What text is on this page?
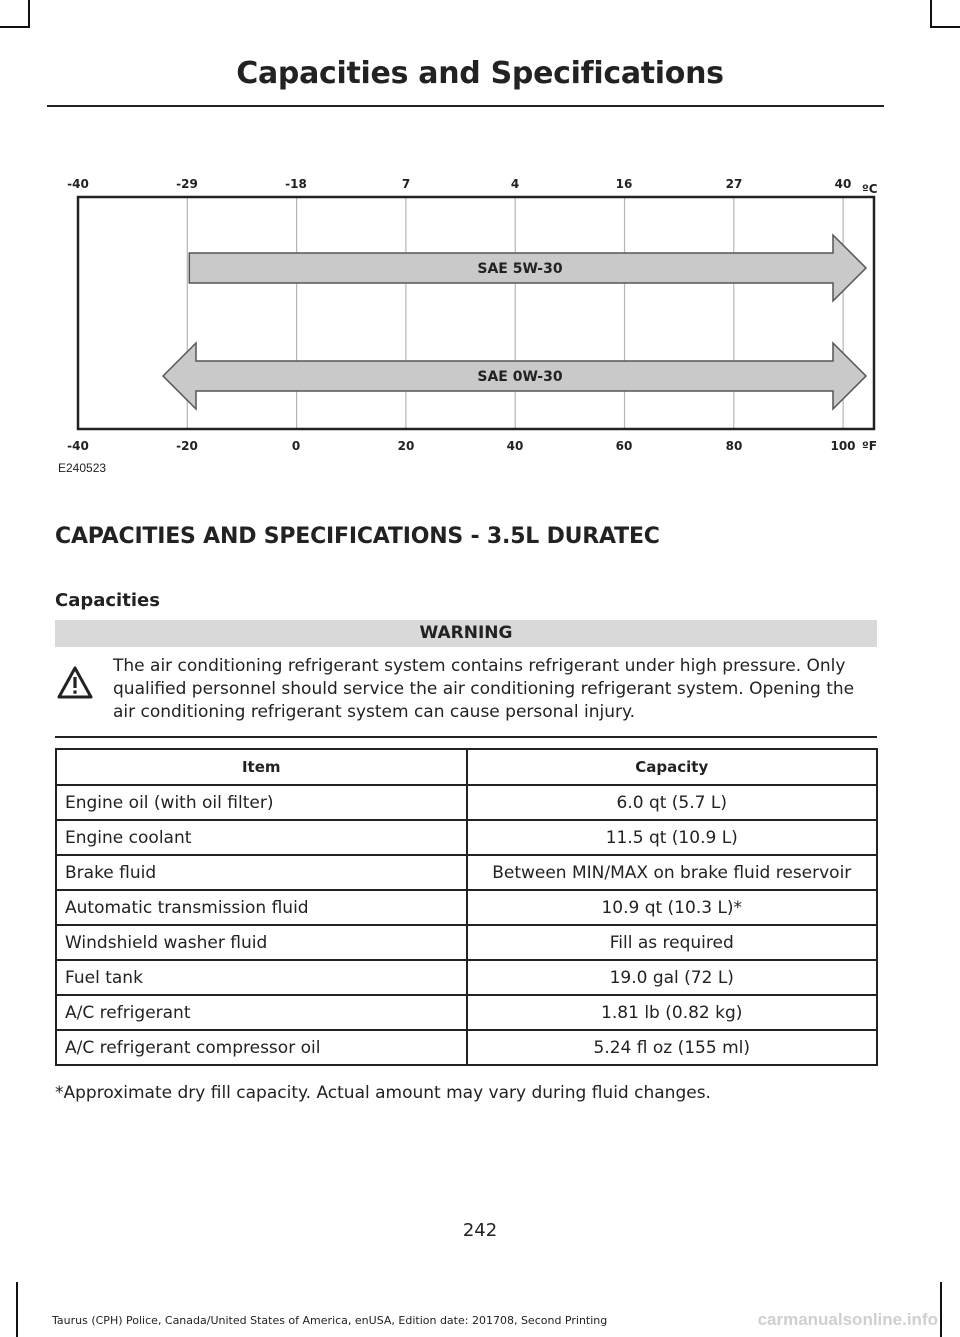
Capacities and Specifications
SAE 5W-30
SAE 0W-30
-40	-29	-18	7	4	16	27	40 ºC
-40	-20	0	20	40	60	80	100 ºF
E240523
CAPACITIES AND SPECIFICATIONS - 3.5L DURATEC
Capacities
WARNING
The air conditioning refrigerant system contains refrigerant under high pressure. Only qualified personnel should service the air conditioning refrigerant system. Opening the air conditioning refrigerant system can cause personal injury.
Item	Capacity
Engine oil (with oil filter)	6.0 qt (5.7 L)
Engine coolant	11.5 qt (10.9 L)
Brake fluid	Between MIN/MAX on brake fluid reservoir
Automatic transmission fluid	10.9 qt (10.3 L)*
Windshield washer fluid	Fill as required
Fuel tank	19.0 gal (72 L)
A/C refrigerant	1.81 lb (0.82 kg)
A/C refrigerant compressor oil	5.24 fl oz (155 ml)
*Approximate dry fill capacity. Actual amount may vary during fluid changes.
242
Taurus (CPH) Police, Canada/United States of America, enUSA, Edition date: 201708, Second Printing	carmanualsonline.info
